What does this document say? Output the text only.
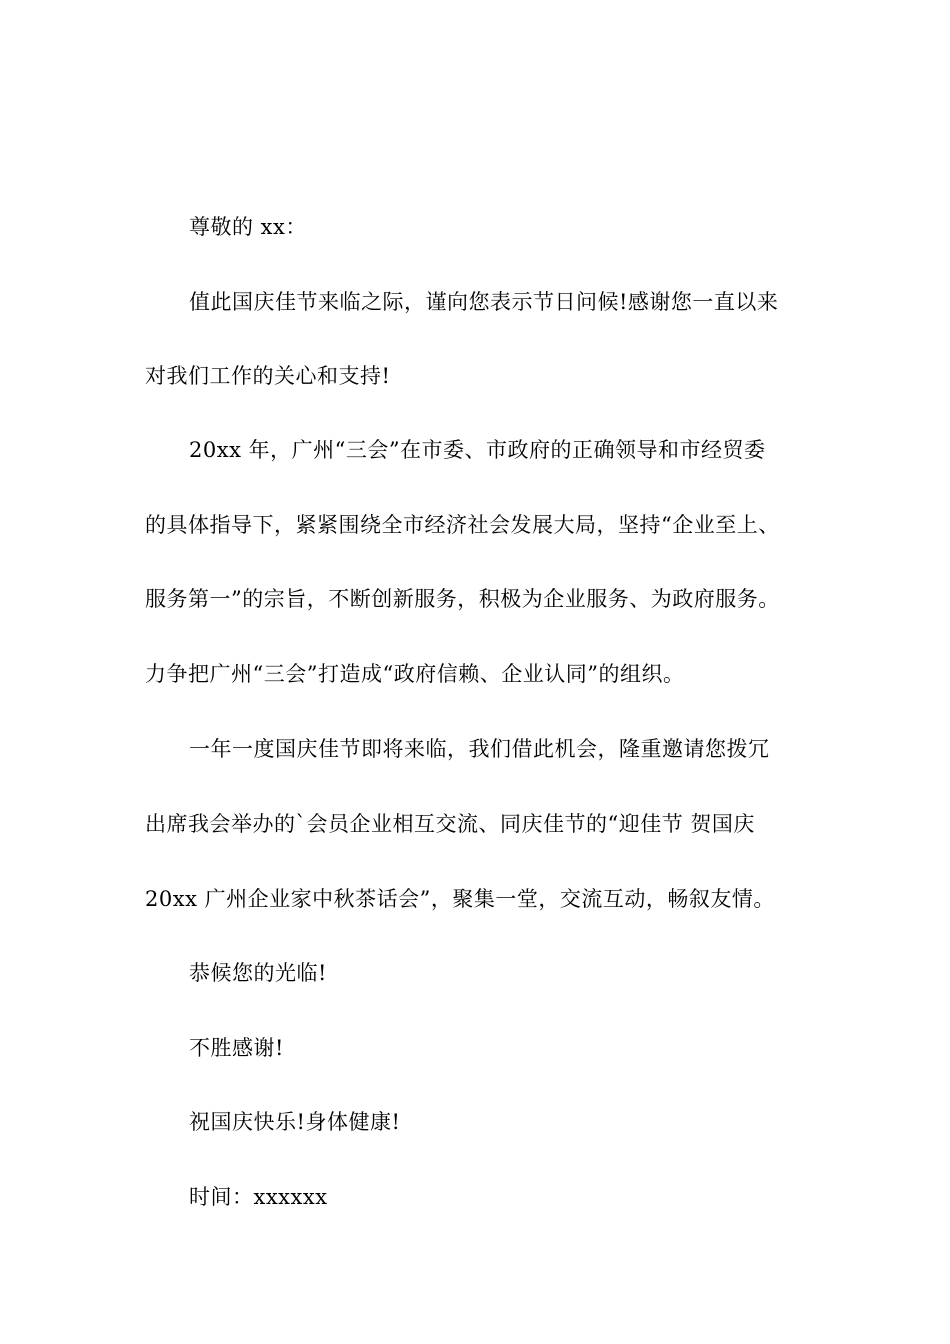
尊敬的 xx：
值此国庆佳节来临之际，谨向您表示节日问候!感谢您一直以来
对我们工作的关心和支持!
20xx 年，广州“三会”在市委、市政府的正确领导和市经贸委
的具体指导下，紧紧围绕全市经济社会发展大局，坚持“企业至上、
服务第一”的宗旨，不断创新服务，积极为企业服务、为政府服务。
力争把广州“三会”打造成“政府信赖、企业认同”的组织。
一年一度国庆佳节即将来临，我们借此机会，隆重邀请您拨冗
出席我会举办的`会员企业相互交流、同庆佳节的“迎佳节 贺国庆
20xx 广州企业家中秋茶话会”，聚集一堂，交流互动，畅叙友情。
恭候您的光临!
不胜感谢!
祝国庆快乐!身体健康!
时间：xxxxxx
